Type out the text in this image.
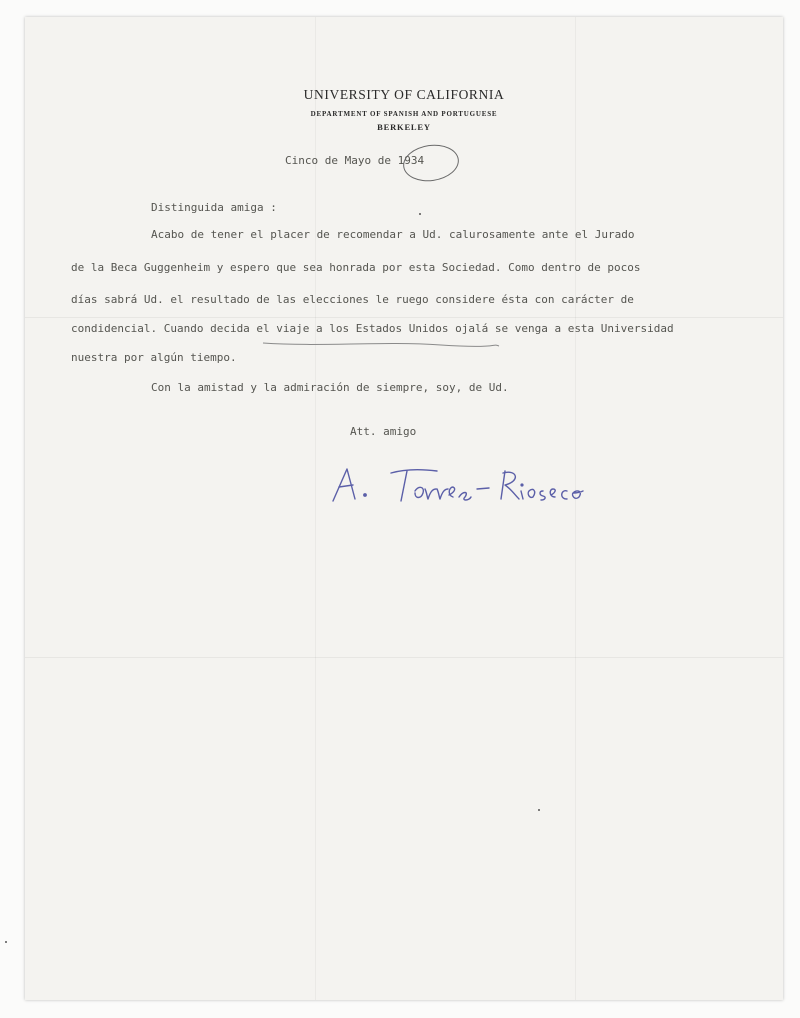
UNIVERSITY OF CALIFORNIA
DEPARTMENT OF SPANISH AND PORTUGUESE
BERKELEY
Cinco de Mayo de 1934
Distinguida amiga :
Acabo de tener el placer de recomendar a Ud. calurosamente ante el Jurado
de la Beca Guggenheim y espero que sea honrada por esta Sociedad. Como dentro de pocos
días sabrá Ud. el resultado de las elecciones le ruego considere ésta con carácter de
condidencial. Cuando decida el viaje a los Estados Unidos ojalá se venga a esta Universidad
nuestra por algún tiempo.
Con la amistad y la admiración de siempre, soy, de Ud.
Att. amigo
